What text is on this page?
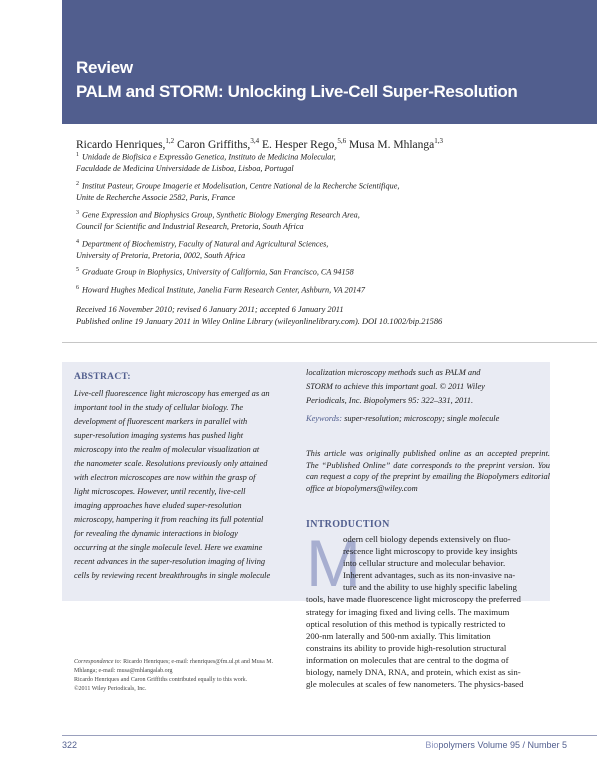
Review
PALM and STORM: Unlocking Live-Cell Super-Resolution
Ricardo Henriques,$^{1,2}$ Caron Griffiths,$^{3,4}$ E. Hesper Rego,$^{5,6}$ Musa M. Mhlanga$^{1,3}$
$^1$ Unidade de Biofisica e Expressão Genetica, Instituto de Medicina Molecular,
Faculdade de Medicina Universidade de Lisboa, Lisboa, Portugal
$^2$ Institut Pasteur, Groupe Imagerie et Modelisation, Centre National de la Recherche Scientifique,
Unite de Recherche Associe 2582, Paris, France
$^3$ Gene Expression and Biophysics Group, Synthetic Biology Emerging Research Area,
Council for Scientific and Industrial Research, Pretoria, South Africa
$^4$ Department of Biochemistry, Faculty of Natural and Agricultural Sciences,
University of Pretoria, Pretoria, 0002, South Africa
$^5$ Graduate Group in Biophysics, University of California, San Francisco, CA 94158
$^6$ Howard Hughes Medical Institute, Janelia Farm Research Center, Ashburn, VA 20147
Received 16 November 2010; revised 6 January 2011; accepted 6 January 2011
Published online 19 January 2011 in Wiley Online Library (wileyonlinelibrary.com). DOI 10.1002/bip.21586
ABSTRACT:
Live-cell fluorescence light microscopy has emerged as an
important tool in the study of cellular biology. The
development of fluorescent markers in parallel with
super-resolution imaging systems has pushed light
microscopy into the realm of molecular visualization at
the nanometer scale. Resolutions previously only attained
with electron microscopes are now within the grasp of
light microscopes. However, until recently, live-cell
imaging approaches have eluded super-resolution
microscopy, hampering it from reaching its full potential
for revealing the dynamic interactions in biology
occurring at the single molecule level. Here we examine
recent advances in the super-resolution imaging of living
cells by reviewing recent breakthroughs in single molecule
localization microscopy methods such as PALM and
STORM to achieve this important goal. © 2011 Wiley
Periodicals, Inc. Biopolymers 95: 322–331, 2011.
Keywords: super-resolution; microscopy; single molecule
This article was originally published online as an accepted preprint. The “Published Online” date corresponds to the preprint version. You can request a copy of the preprint by emailing the Biopolymers editorial office at biopolymers@wiley.com
INTRODUCTION
M
odern cell biology depends extensively on fluo-
rescence light microscopy to provide key insights
into cellular structure and molecular behavior.
Inherent advantages, such as its non-invasive na-
ture and the ability to use highly specific labeling
tools, have made fluorescence light microscopy the preferred
strategy for imaging fixed and living cells. The maximum
optical resolution of this method is typically restricted to
200-nm laterally and 500-nm axially. This limitation
constrains its ability to provide high-resolution structural
information on molecules that are central to the dogma of
biology, namely DNA, RNA, and protein, which exist as sin-
gle molecules at scales of few nanometers. The physics-based
Correspondence to: Ricardo Henriques; e-mail: rhenriques@fm.ul.pt and Musa M. Mhlanga; e-mail: musa@mhlangalab.org
Ricardo Henriques and Caron Griffiths contributed equally to this work.
©2011 Wiley Periodicals, Inc.
322	Biopolymers Volume 95 / Number 5
